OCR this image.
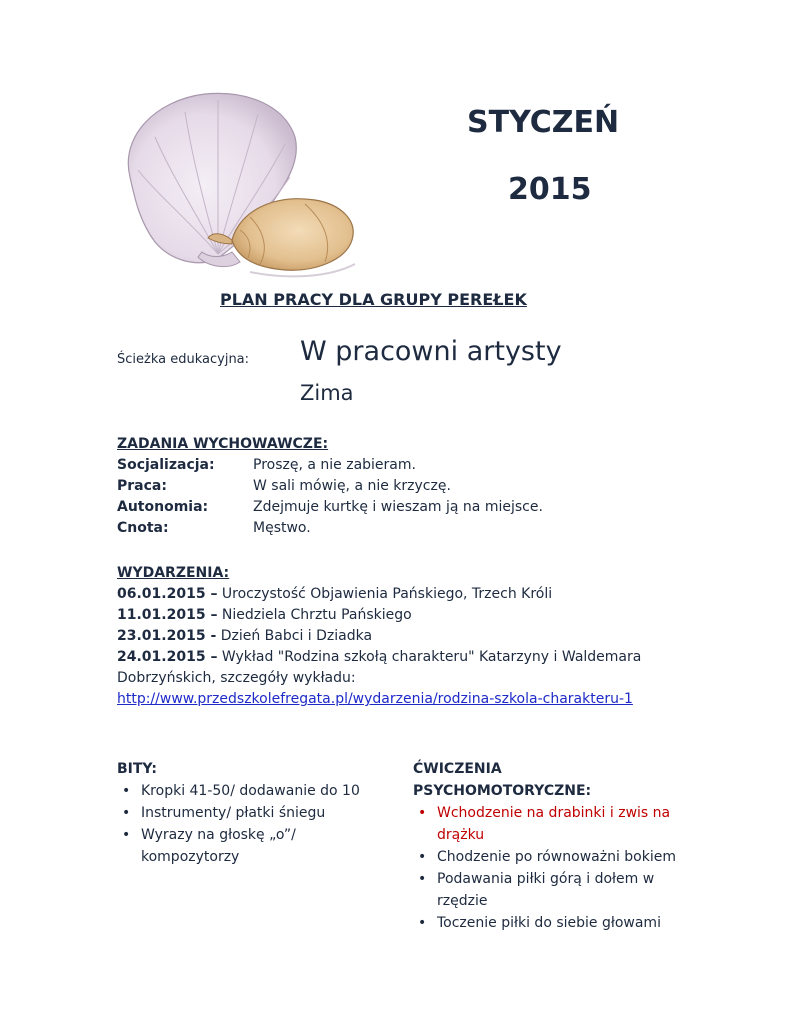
STYCZEŃ
2015
PLAN PRACY DLA GRUPY PEREŁEK
Ścieżka edukacyjna: W pracowni artysty
Zima
ZADANIA WYCHOWAWCZE:
Socjalizacja:	Proszę, a nie zabieram.
Praca:	W sali mówię, a nie krzyczę.
Autonomia:	Zdejmuje kurtkę i wieszam ją na miejsce.
Cnota:	Męstwo.
WYDARZENIA:
06.01.2015 – Uroczystość Objawienia Pańskiego, Trzech Króli
11.01.2015 – Niedziela Chrztu Pańskiego
23.01.2015 - Dzień Babci i Dziadka
24.01.2015 – Wykład "Rodzina szkołą charakteru" Katarzyny i Waldemara
Dobrzyńskich, szczegóły wykładu:
http://www.przedszkolefregata.pl/wydarzenia/rodzina-szkola-charakteru-1
BITY:
• Kropki 41-50/ dodawanie do 10
• Instrumenty/ płatki śniegu
• Wyrazy na głoskę „o”/ kompozytorzy
ĆWICZENIA
PSYCHOMOTORYCZNE:
• Wchodzenie na drabinki i zwis na drążku
• Chodzenie po równoważni bokiem
• Podawania piłki górą i dołem w rzędzie
• Toczenie piłki do siebie głowami
